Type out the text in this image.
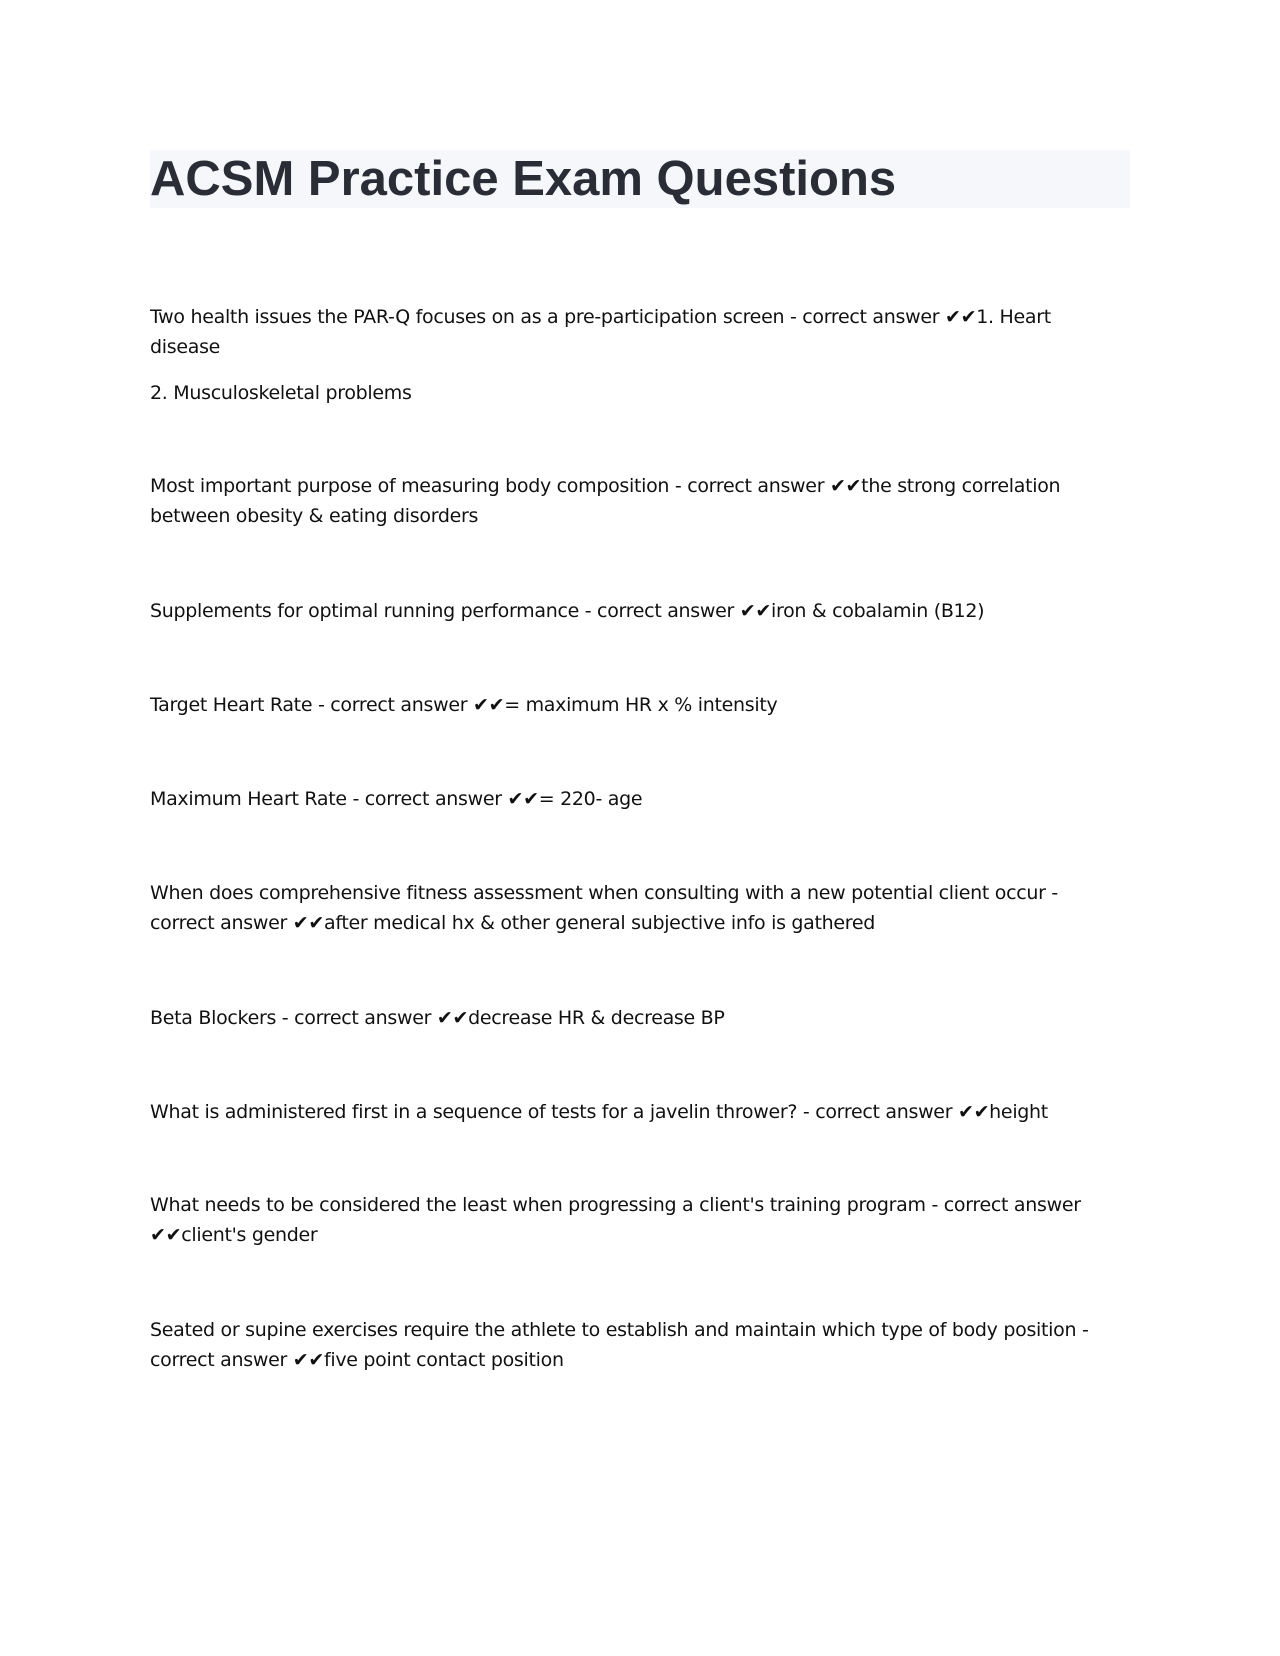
ACSM Practice Exam Questions

Two health issues the PAR-Q focuses on as a pre-participation screen - correct answer ✔✔1. Heart disease

2. Musculoskeletal problems

Most important purpose of measuring body composition - correct answer ✔✔the strong correlation between obesity & eating disorders

Supplements for optimal running performance - correct answer ✔✔iron & cobalamin (B12)

Target Heart Rate - correct answer ✔✔= maximum HR x % intensity

Maximum Heart Rate - correct answer ✔✔= 220- age

When does comprehensive fitness assessment when consulting with a new potential client occur - correct answer ✔✔after medical hx & other general subjective info is gathered

Beta Blockers - correct answer ✔✔decrease HR & decrease BP

What is administered first in a sequence of tests for a javelin thrower? - correct answer ✔✔height

What needs to be considered the least when progressing a client's training program - correct answer ✔✔client's gender

Seated or supine exercises require the athlete to establish and maintain which type of body position - correct answer ✔✔five point contact position
